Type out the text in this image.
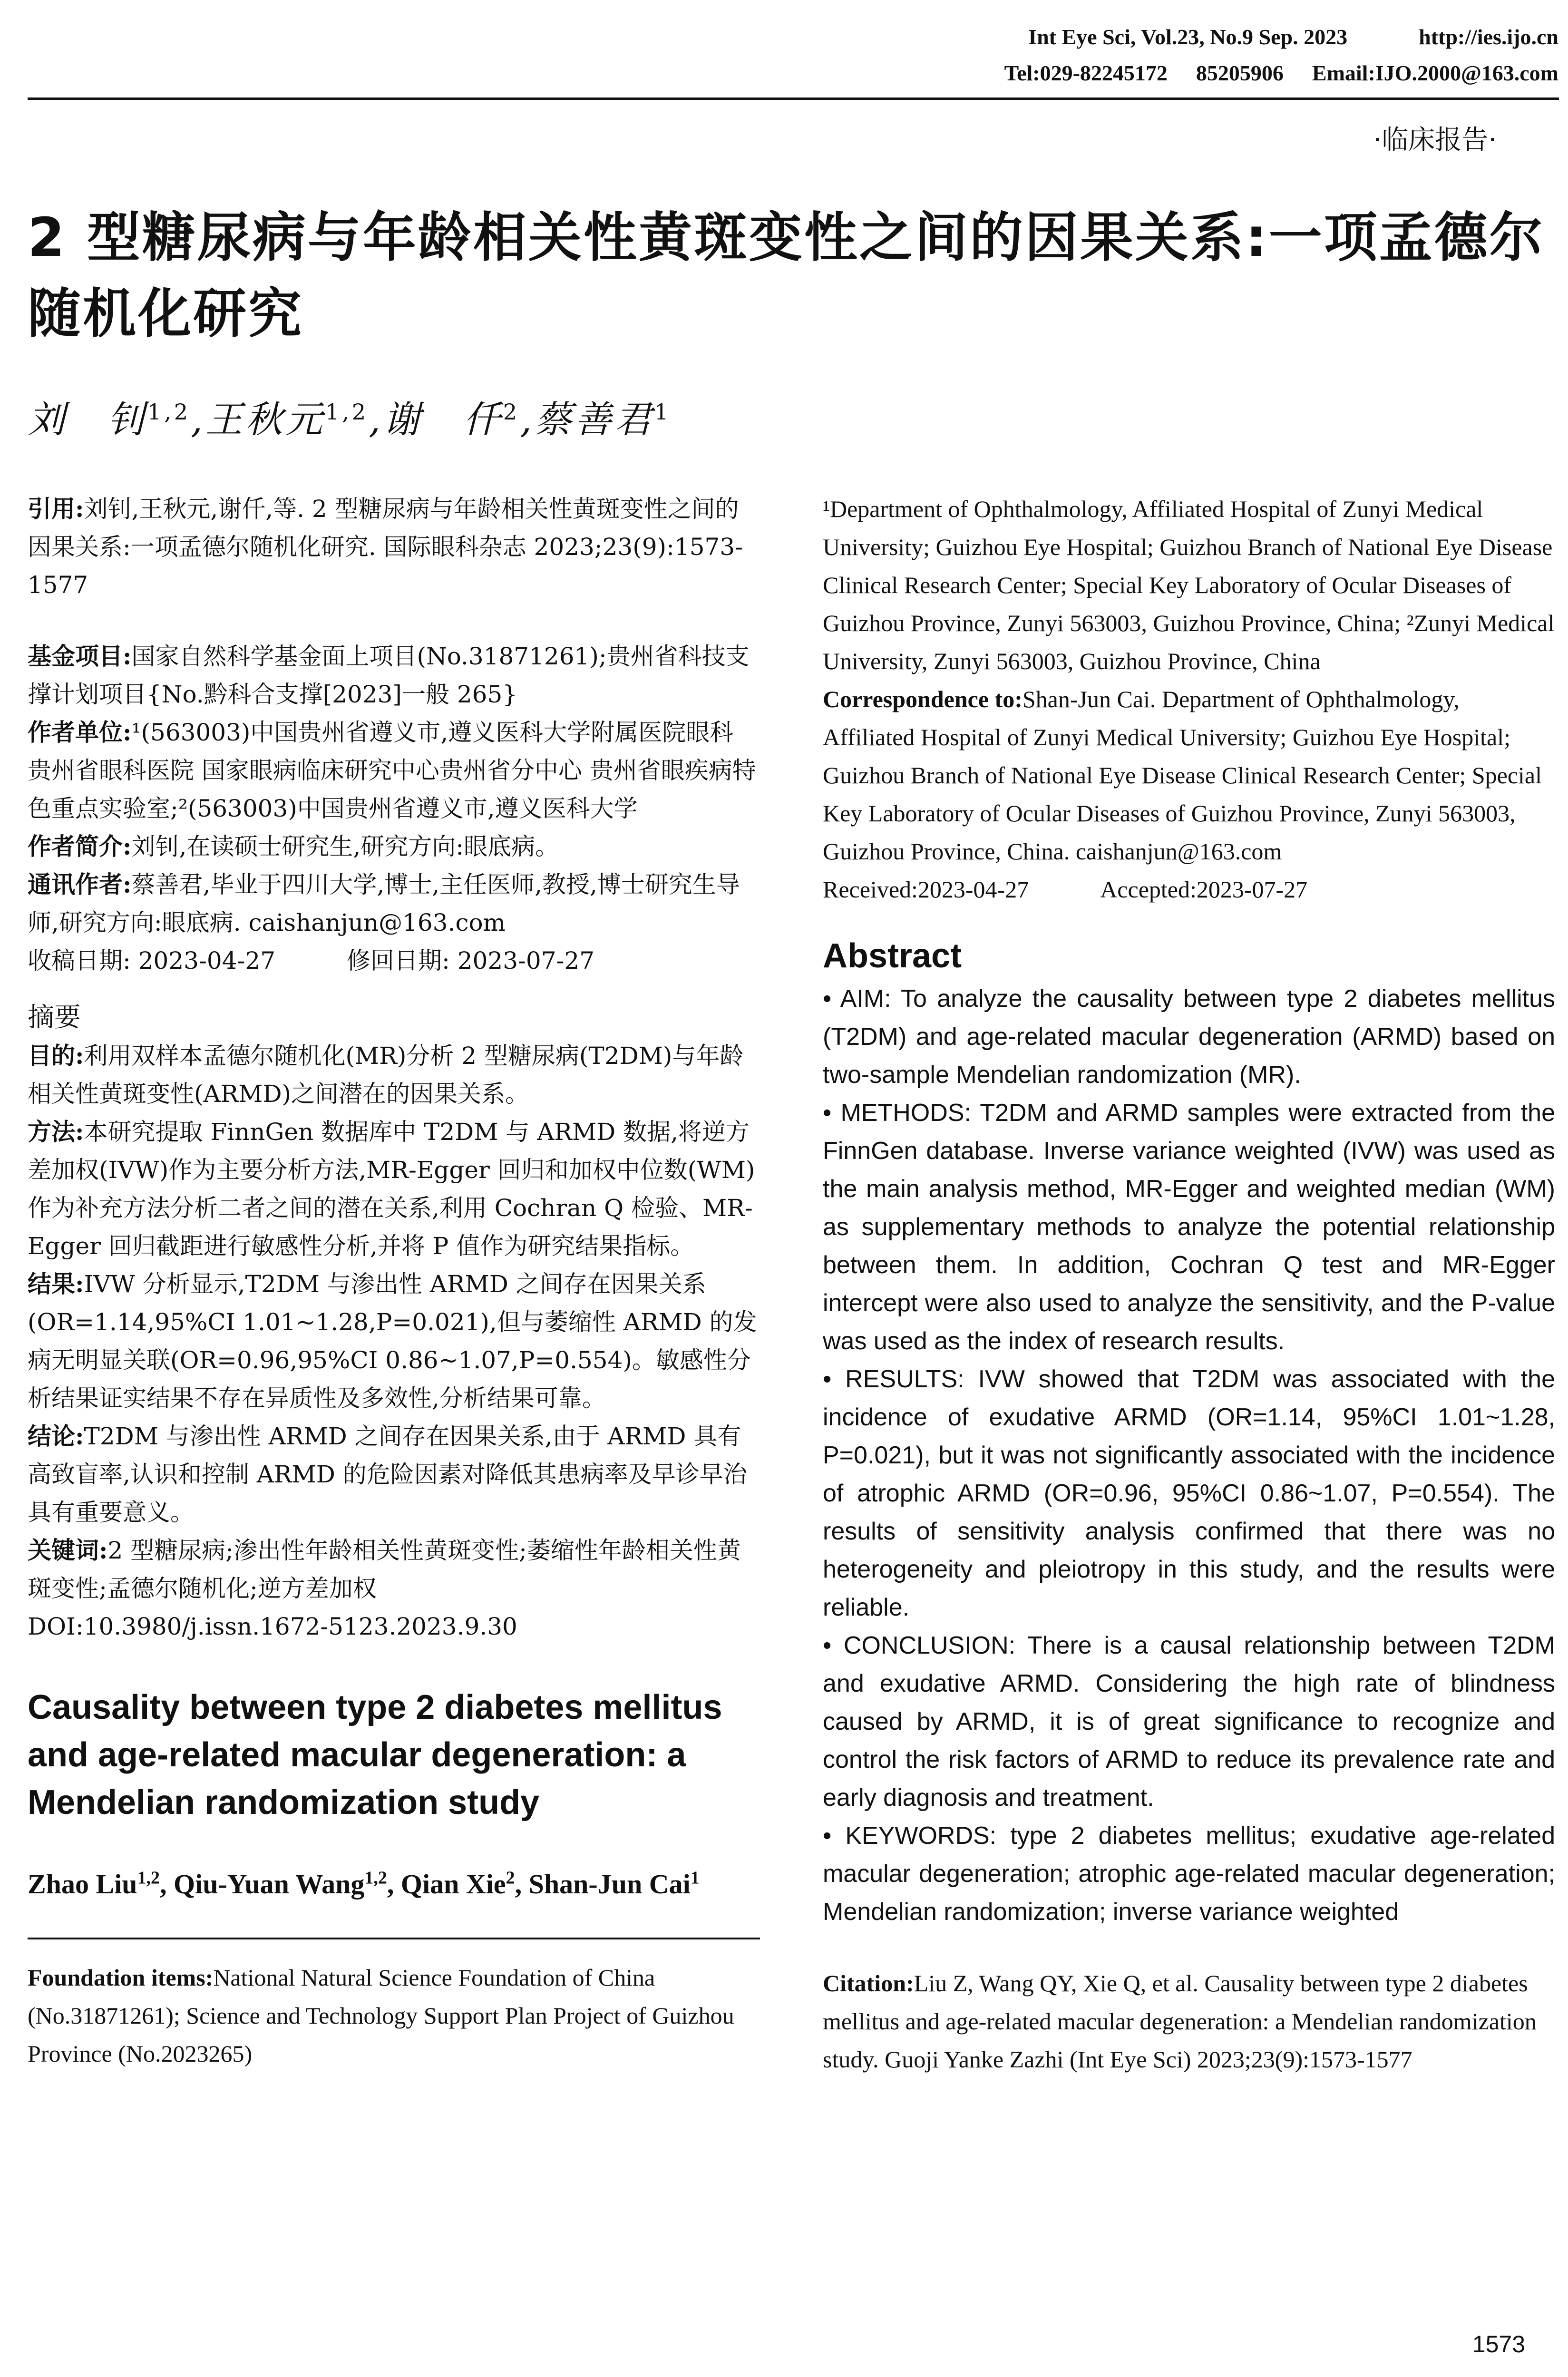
Int Eye Sci, Vol.23, No.9 Sep. 2023	http://ies.ijo.cn
Tel:029-82245172 85205906 Email:IJO.2000@163.com
·临床报告·
2 型糖尿病与年龄相关性黄斑变性之间的因果关系:一项孟德尔随机化研究
刘　钊$^{1,2}$,王秋元$^{1,2}$,谢　仟$^2$,蔡善君$^1$

引用:刘钊,王秋元,谢仟,等. 2 型糖尿病与年龄相关性黄斑变性之间的因果关系:一项孟德尔随机化研究. 国际眼科杂志 2023;23(9):1573-1577

基金项目:国家自然科学基金面上项目(No.31871261);贵州省科技支撑计划项目{No.黔科合支撑[2023]一般 265}

作者单位:¹(563003)中国贵州省遵义市,遵义医科大学附属医院眼科 贵州省眼科医院 国家眼病临床研究中心贵州省分中心 贵州省眼疾病特色重点实验室;²(563003)中国贵州省遵义市,遵义医科大学

作者简介:刘钊,在读硕士研究生,研究方向:眼底病。

通讯作者:蔡善君,毕业于四川大学,博士,主任医师,教授,博士研究生导师,研究方向:眼底病. caishanjun@163.com

收稿日期: 2023-04-27　　　	修回日期: 2023-07-27

摘要

目的:利用双样本孟德尔随机化(MR)分析 2 型糖尿病(T2DM)与年龄相关性黄斑变性(ARMD)之间潜在的因果关系。

方法:本研究提取 FinnGen 数据库中 T2DM 与 ARMD 数据,将逆方差加权(IVW)作为主要分析方法,MR-Egger 回归和加权中位数(WM)作为补充方法分析二者之间的潜在关系,利用 Cochran Q 检验、MR-Egger 回归截距进行敏感性分析,并将 P 值作为研究结果指标。

结果:IVW 分析显示,T2DM 与渗出性 ARMD 之间存在因果关系(OR=1.14,95%CI 1.01~1.28,P=0.021),但与萎缩性 ARMD 的发病无明显关联(OR=0.96,95%CI 0.86~1.07,P=0.554)。敏感性分析结果证实结果不存在异质性及多效性,分析结果可靠。

结论:T2DM 与渗出性 ARMD 之间存在因果关系,由于 ARMD 具有高致盲率,认识和控制 ARMD 的危险因素对降低其患病率及早诊早治具有重要意义。

关键词:2 型糖尿病;渗出性年龄相关性黄斑变性;萎缩性年龄相关性黄斑变性;孟德尔随机化;逆方差加权

DOI:10.3980/j.issn.1672-5123.2023.9.30

Causality between type 2 diabetes mellitus and age-related macular degeneration: a Mendelian randomization study

Zhao Liu$^{1,2}$, Qiu-Yuan Wang$^{1,2}$, Qian Xie$^2$, Shan-Jun Cai$^1$

Foundation items:National Natural Science Foundation of China (No.31871261); Science and Technology Support Plan Project of Guizhou Province (No.2023265)

¹Department of Ophthalmology, Affiliated Hospital of Zunyi Medical University; Guizhou Eye Hospital; Guizhou Branch of National Eye Disease Clinical Research Center; Special Key Laboratory of Ocular Diseases of Guizhou Province, Zunyi 563003, Guizhou Province, China; ²Zunyi Medical University, Zunyi 563003, Guizhou Province, China

Correspondence to:Shan-Jun Cai. Department of Ophthalmology, Affiliated Hospital of Zunyi Medical University; Guizhou Eye Hospital; Guizhou Branch of National Eye Disease Clinical Research Center; Special Key Laboratory of Ocular Diseases of Guizhou Province, Zunyi 563003, Guizhou Province, China. caishanjun@163.com

Received:2023-04-27　　　	Accepted:2023-07-27

Abstract

• AIM: To analyze the causality between type 2 diabetes mellitus (T2DM) and age-related macular degeneration (ARMD) based on two-sample Mendelian randomization (MR).

• METHODS: T2DM and ARMD samples were extracted from the FinnGen database. Inverse variance weighted (IVW) was used as the main analysis method, MR-Egger and weighted median (WM) as supplementary methods to analyze the potential relationship between them. In addition, Cochran Q test and MR-Egger intercept were also used to analyze the sensitivity, and the P-value was used as the index of research results.

• RESULTS: IVW showed that T2DM was associated with the incidence of exudative ARMD (OR=1.14, 95%CI 1.01~1.28, P=0.021), but it was not significantly associated with the incidence of atrophic ARMD (OR=0.96, 95%CI 0.86~1.07, P=0.554). The results of sensitivity analysis confirmed that there was no heterogeneity and pleiotropy in this study, and the results were reliable.

• CONCLUSION: There is a causal relationship between T2DM and exudative ARMD. Considering the high rate of blindness caused by ARMD, it is of great significance to recognize and control the risk factors of ARMD to reduce its prevalence rate and early diagnosis and treatment.

• KEYWORDS: type 2 diabetes mellitus; exudative age-related macular degeneration; atrophic age-related macular degeneration; Mendelian randomization; inverse variance weighted

Citation:Liu Z, Wang QY, Xie Q, et al. Causality between type 2 diabetes mellitus and age-related macular degeneration: a Mendelian randomization study. Guoji Yanke Zazhi (Int Eye Sci) 2023;23(9):1573-1577

1573
